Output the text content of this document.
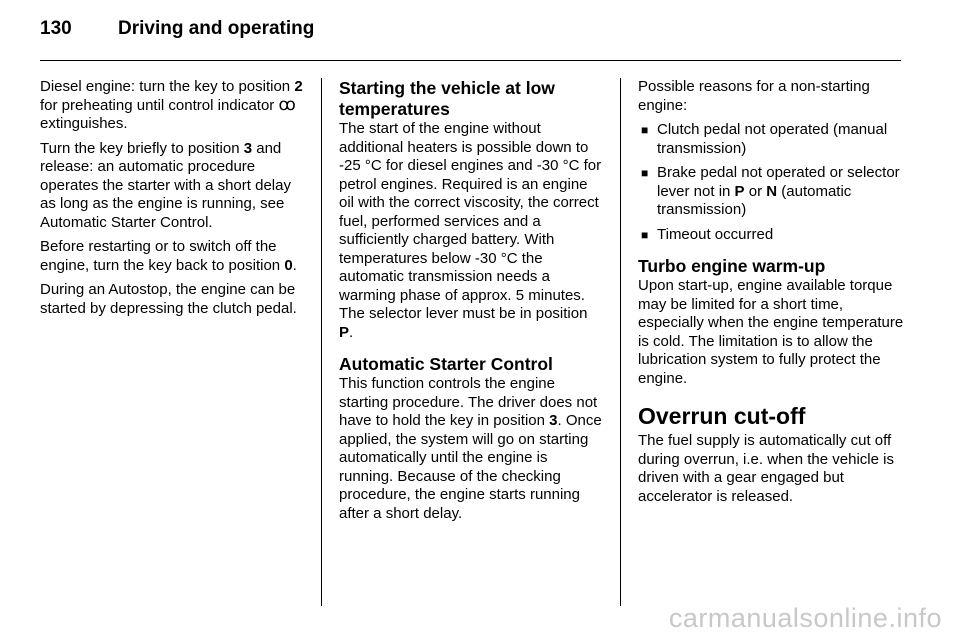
130	Driving and operating

Diesel engine: turn the key to position 2 for preheating until control indicator ꝏ extinguishes.

Turn the key briefly to position 3 and release: an automatic procedure operates the starter with a short delay as long as the engine is running, see Automatic Starter Control.

Before restarting or to switch off the engine, turn the key back to position 0.

During an Autostop, the engine can be started by depressing the clutch pedal.

Starting the vehicle at low temperatures

The start of the engine without additional heaters is possible down to -25 °C for diesel engines and -30 °C for petrol engines. Required is an engine oil with the correct viscosity, the correct fuel, performed services and a sufficiently charged battery. With temperatures below -30 °C the automatic transmission needs a warming phase of approx. 5 minutes. The selector lever must be in position P.

Automatic Starter Control

This function controls the engine starting procedure. The driver does not have to hold the key in position 3. Once applied, the system will go on starting automatically until the engine is running. Because of the checking procedure, the engine starts running after a short delay.

Possible reasons for a non-starting engine:

■ Clutch pedal not operated (manual transmission)
■ Brake pedal not operated or selector lever not in P or N (automatic transmission)
■ Timeout occurred
Turbo engine warm-up

Upon start-up, engine available torque may be limited for a short time, especially when the engine temperature is cold. The limitation is to allow the lubrication system to fully protect the engine.

Overrun cut-off

The fuel supply is automatically cut off during overrun, i.e. when the vehicle is driven with a gear engaged but accelerator is released.

carmanualsonline.info
